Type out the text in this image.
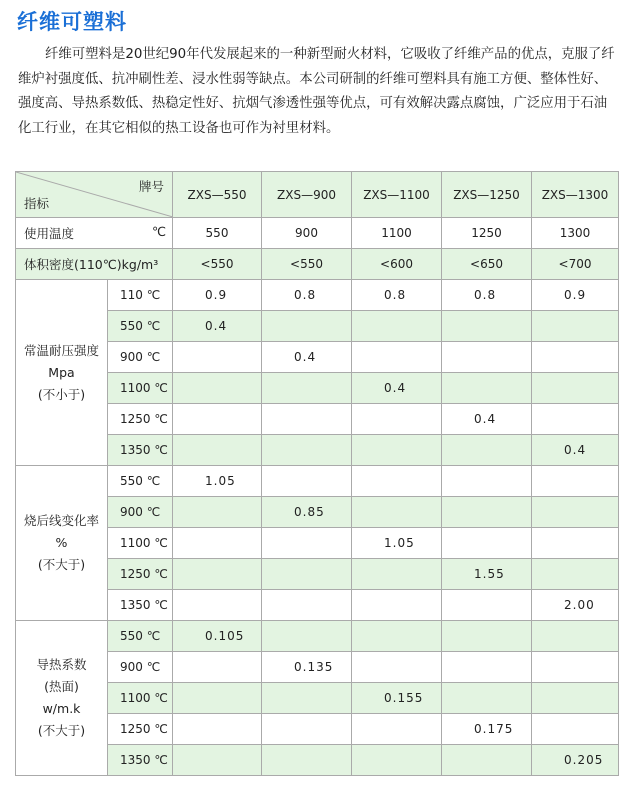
纤维可塑料
纤维可塑料是20世纪90年代发展起来的一种新型耐火材料，它吸收了纤维产品的优点，克服了纤维炉衬强度低、抗冲刷性差、浸水性弱等缺点。本公司研制的纤维可塑料具有施工方便、整体性好、强度高、导热系数低、热稳定性好、抗烟气渗透性强等优点，可有效解决露点腐蚀，广泛应用于石油化工行业，在其它相似的热工设备也可作为衬里材料。
牌号
指标		ZXS—550	ZXS—900	ZXS—1100	ZXS—1250	ZXS—1300
使用温度 ℃		550	900	1100	1250	1300
体积密度(110℃)kg/m³		<550	<550	<600	<650	<700

常温耐压强度
Mpa
(不小于)	110 ℃	0.9	0.8	0.8	0.8	0.9
	550 ℃	0.4				
	900 ℃		0.4			
	1100 ℃			0.4		
	1250 ℃				0.4	
	1350 ℃					0.4

烧后线变化率
%
(不大于)	550 ℃	1.05				
	900 ℃		0.85			
	1100 ℃			1.05		
	1250 ℃				1.55	
	1350 ℃					2.00

导热系数
(热面)
w/m.k
(不大于)	550 ℃	0.105				
	900 ℃		0.135			
	1100 ℃			0.155		
	1250 ℃				0.175	
	1350 ℃					0.205
